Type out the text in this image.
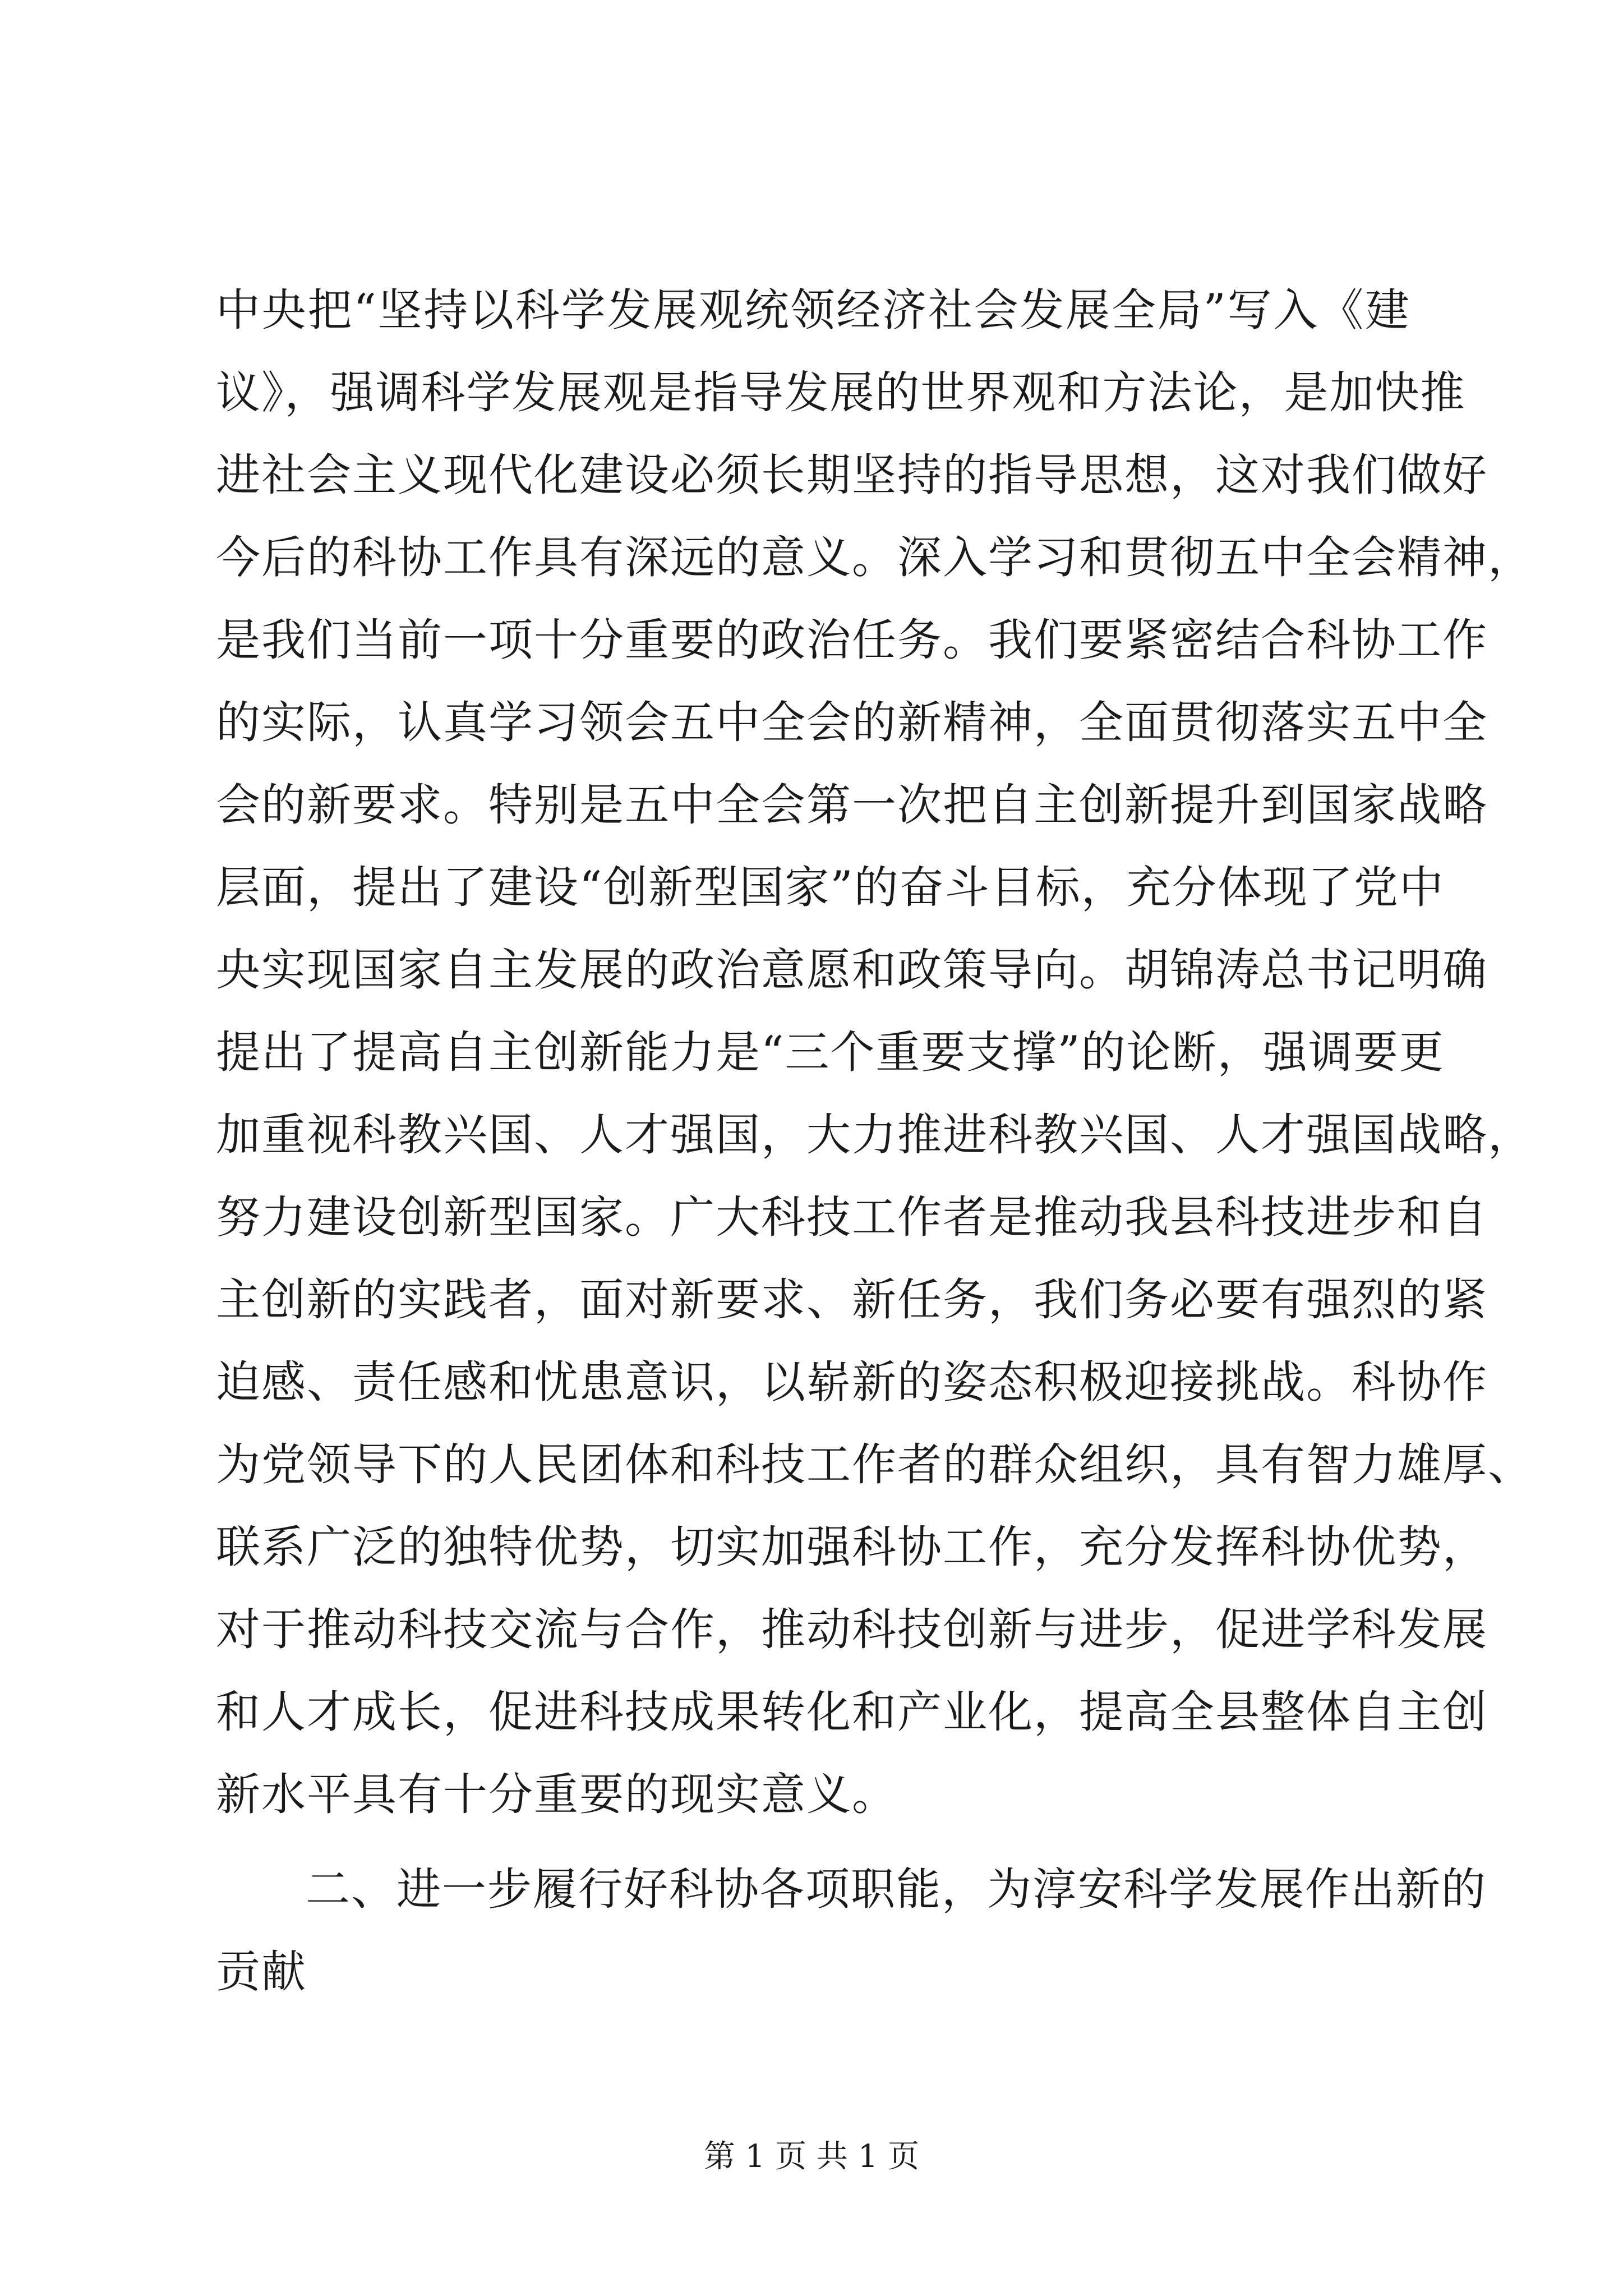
中央把“坚持以科学发展观统领经济社会发展全局”写入《建
议》，强调科学发展观是指导发展的世界观和方法论，是加快推
进社会主义现代化建设必须长期坚持的指导思想，这对我们做好
今后的科协工作具有深远的意义。深入学习和贯彻五中全会精神，
是我们当前一项十分重要的政治任务。我们要紧密结合科协工作
的实际，认真学习领会五中全会的新精神，全面贯彻落实五中全
会的新要求。特别是五中全会第一次把自主创新提升到国家战略
层面，提出了建设“创新型国家”的奋斗目标，充分体现了党中
央实现国家自主发展的政治意愿和政策导向。胡锦涛总书记明确
提出了提高自主创新能力是“三个重要支撑”的论断，强调要更
加重视科教兴国、人才强国，大力推进科教兴国、人才强国战略，
努力建设创新型国家。广大科技工作者是推动我县科技进步和自
主创新的实践者，面对新要求、新任务，我们务必要有强烈的紧
迫感、责任感和忧患意识，以崭新的姿态积极迎接挑战。科协作
为党领导下的人民团体和科技工作者的群众组织，具有智力雄厚、
联系广泛的独特优势，切实加强科协工作，充分发挥科协优势，
对于推动科技交流与合作，推动科技创新与进步，促进学科发展
和人才成长，促进科技成果转化和产业化，提高全县整体自主创
新水平具有十分重要的现实意义。
二、进一步履行好科协各项职能，为淳安科学发展作出新的
贡献
第 1 页 共 1 页
